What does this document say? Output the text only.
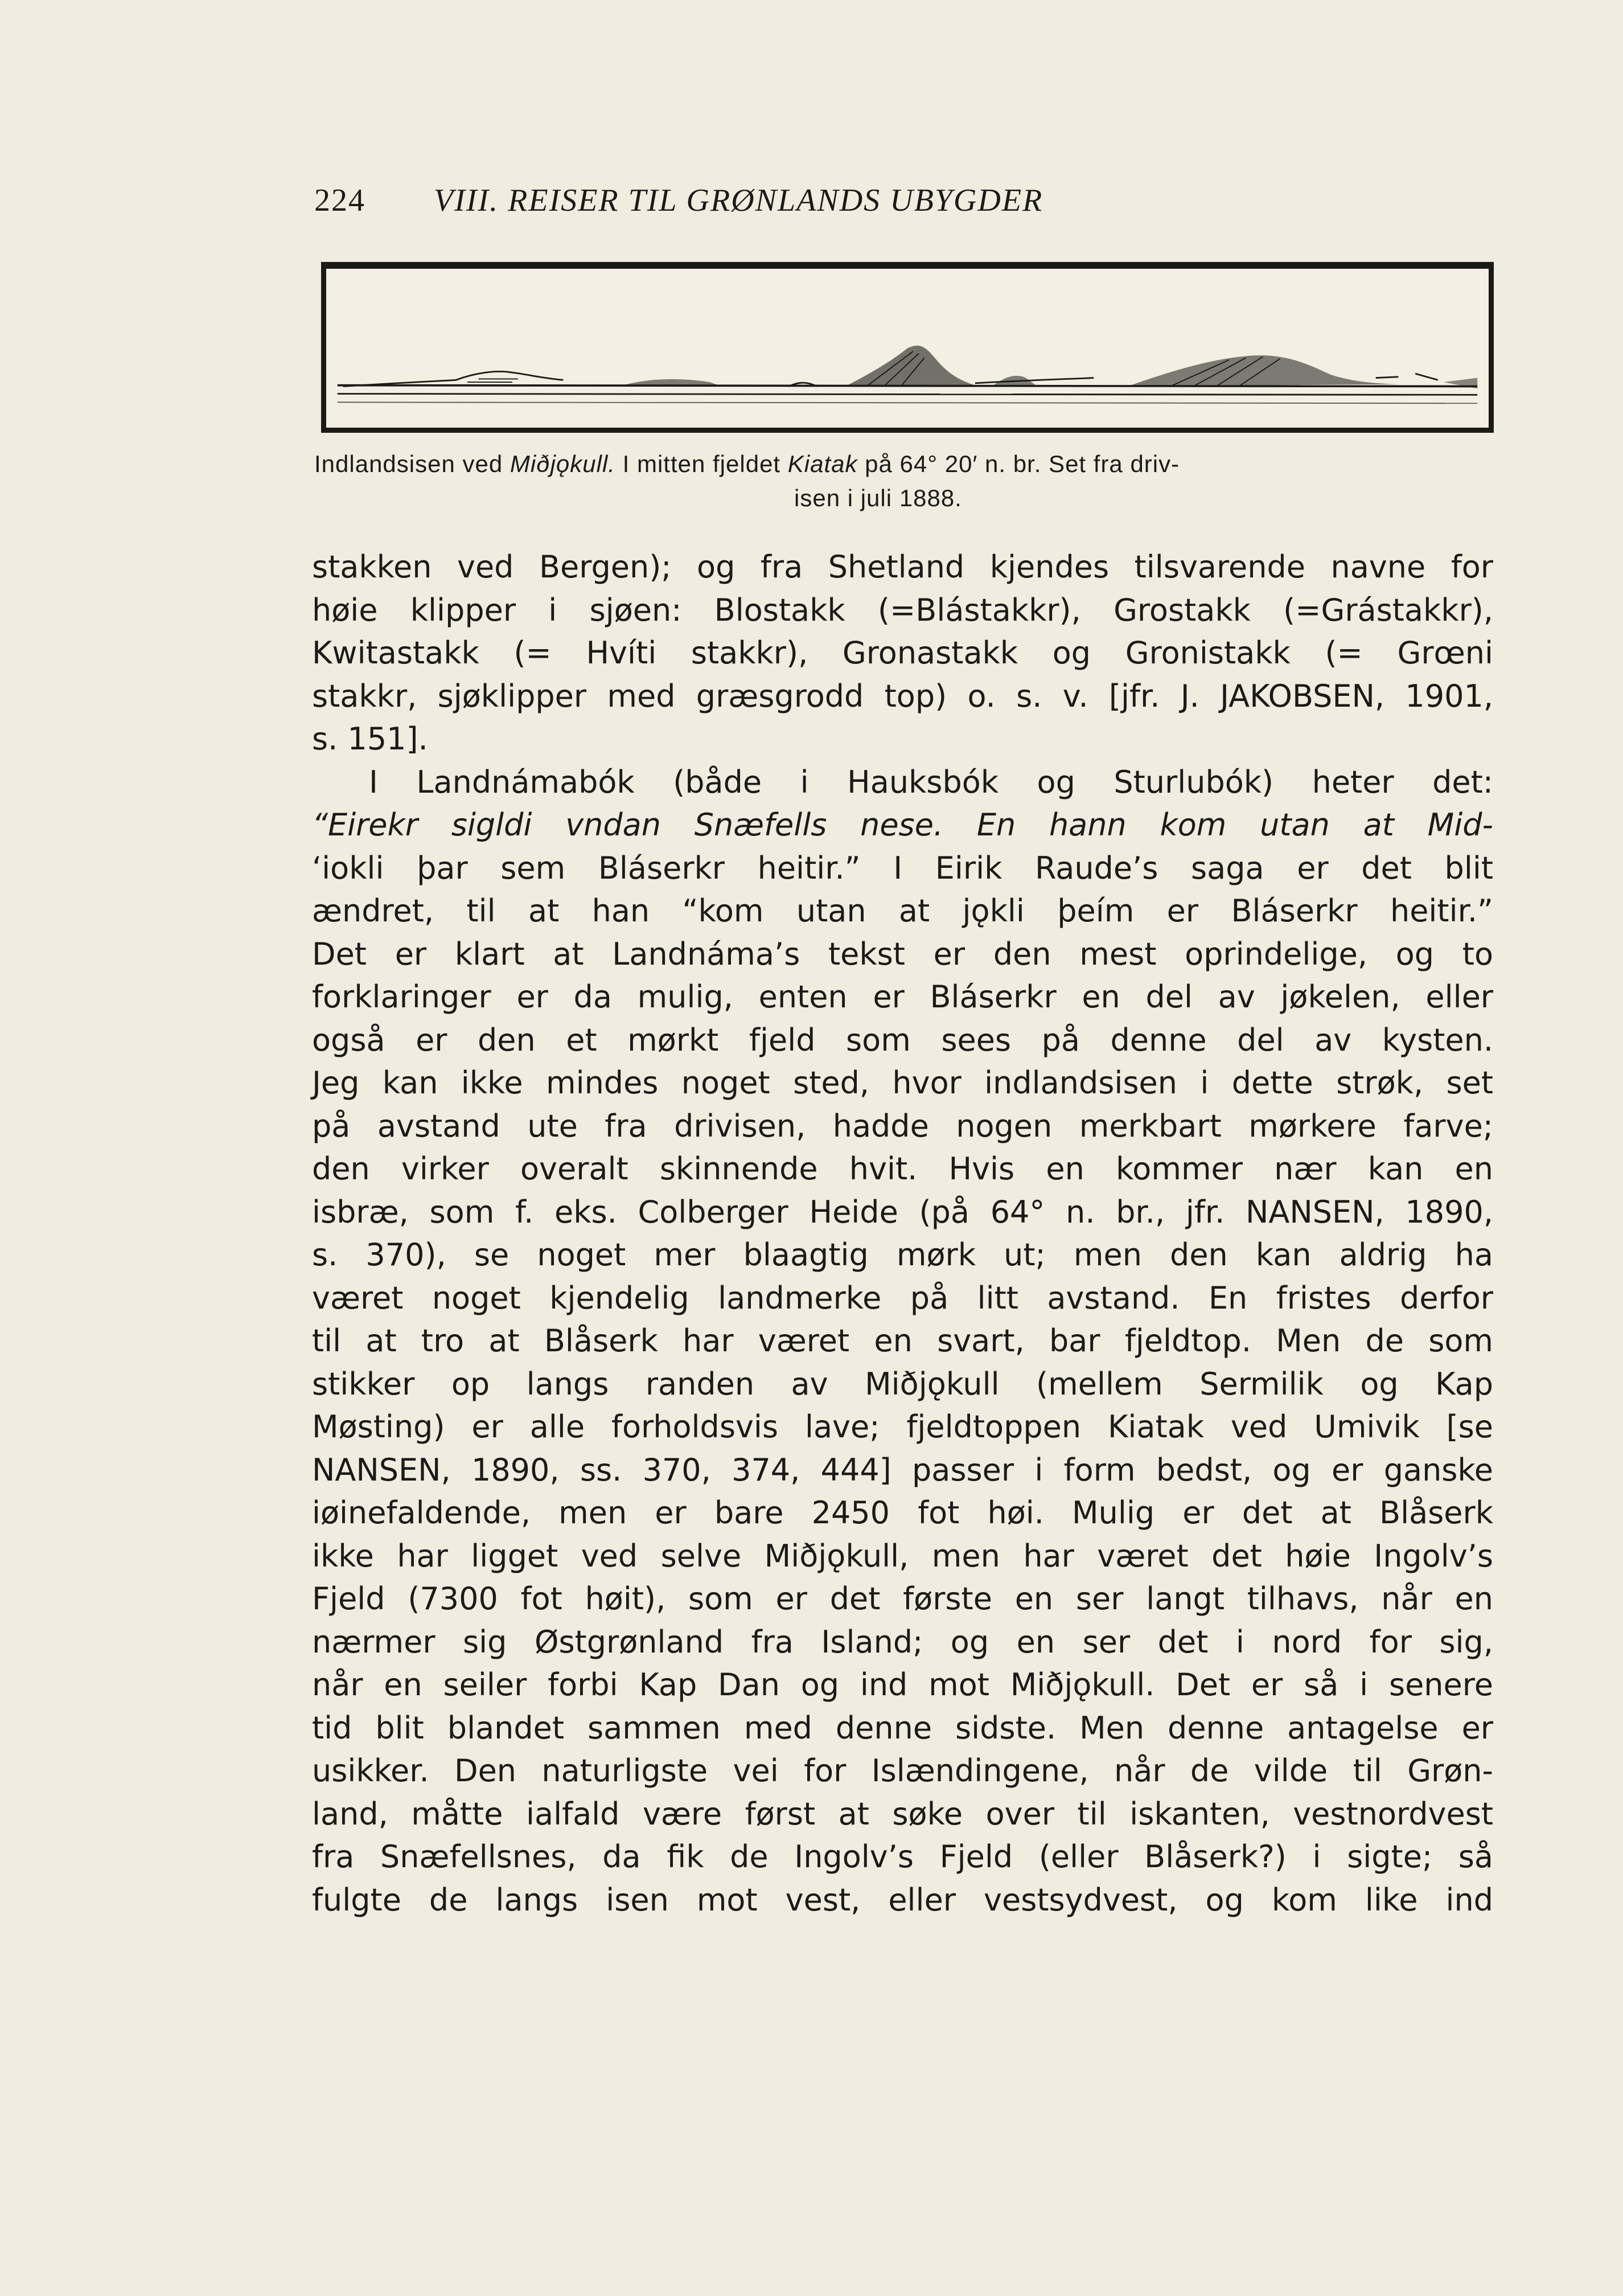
224 VIII. REISER TIL GRØNLANDS UBYGDER
Indlandsisen ved Miðjǫkull. I mitten fjeldet Kiatak på 64° 20′ n. br. Set fra driv-
isen i juli 1888.
stakken ved Bergen); og fra Shetland kjendes tilsvarende navne for
høie klipper i sjøen: Blostakk (=Blástakkr), Grostakk (=Grástakkr),
Kwitastakk (= Hvíti stakkr), Gronastakk og Gronistakk (= Grœni
stakkr, sjøklipper med græsgrodd top) o. s. v. [jfr. J. JAKOBSEN, 1901,
s. 151].
I Landnámabók (både i Hauksbók og Sturlubók) heter det:
“Eirekr sigldi vndan Snæfells nese. En hann kom utan at Mid-
‘iokli þar sem Bláserkr heitir.” I Eirik Raude’s saga er det blit
ændret, til at han “kom utan at jǫkli þeím er Bláserkr heitir.”
Det er klart at Landnáma’s tekst er den mest oprindelige, og to
forklaringer er da mulig, enten er Bláserkr en del av jøkelen, eller
også er den et mørkt fjeld som sees på denne del av kysten.
Jeg kan ikke mindes noget sted, hvor indlandsisen i dette strøk, set
på avstand ute fra drivisen, hadde nogen merkbart mørkere farve;
den virker overalt skinnende hvit. Hvis en kommer nær kan en
isbræ, som f. eks. Colberger Heide (på 64° n. br., jfr. NANSEN, 1890,
s. 370), se noget mer blaagtig mørk ut; men den kan aldrig ha
været noget kjendelig landmerke på litt avstand. En fristes derfor
til at tro at Blåserk har været en svart, bar fjeldtop. Men de som
stikker op langs randen av Miðjǫkull (mellem Sermilik og Kap
Møsting) er alle forholdsvis lave; fjeldtoppen Kiatak ved Umivik [se
NANSEN, 1890, ss. 370, 374, 444] passer i form bedst, og er ganske
iøinefaldende, men er bare 2450 fot høi. Mulig er det at Blåserk
ikke har ligget ved selve Miðjǫkull, men har været det høie Ingolv’s
Fjeld (7300 fot høit), som er det første en ser langt tilhavs, når en
nærmer sig Østgrønland fra Island; og en ser det i nord for sig,
når en seiler forbi Kap Dan og ind mot Miðjǫkull. Det er så i senere
tid blit blandet sammen med denne sidste. Men denne antagelse er
usikker. Den naturligste vei for Islændingene, når de vilde til Grøn-
land, måtte ialfald være først at søke over til iskanten, vestnordvest
fra Snæfellsnes, da fik de Ingolv’s Fjeld (eller Blåserk?) i sigte; så
fulgte de langs isen mot vest, eller vestsydvest, og kom like ind
